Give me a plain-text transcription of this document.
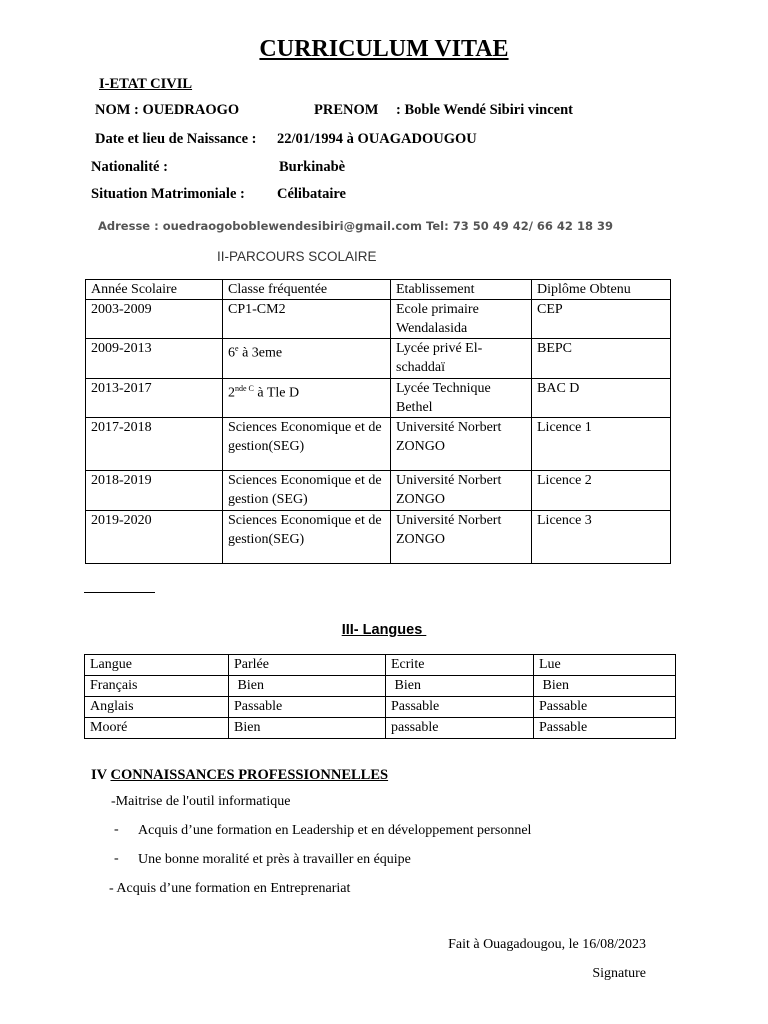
CURRICULUM VITAE
I-ETAT CIVIL
NOM : OUEDRAOGO	PRENOM : Boble Wendé Sibiri vincent
Date et lieu de Naissance : 22/01/1994 à OUAGADOUGOU
Nationalité :	Burkinabè
Situation Matrimoniale : Célibataire
Adresse : ouedraogoboblewendesibiri@gmail.com Tel: 73 50 49 42/ 66 42 18 39
II-PARCOURS SCOLAIRE
Année Scolaire	Classe fréquentée	Etablissement	Diplôme Obtenu
2003-2009	CP1-CM2	Ecole primaire Wendalasida	CEP
2009-2013	6e à 3eme	Lycée privé El-schaddaï	BEPC
2013-2017	$2^{nde C}$ à Tle D	Lycée Technique Bethel	BAC D
2017-2018	Sciences Economique et de gestion(SEG)	Université Norbert ZONGO	Licence 1
2018-2019	Sciences Economique et de gestion (SEG)	Université Norbert ZONGO	Licence 2
2019-2020	Sciences Economique et de gestion(SEG)	Université Norbert ZONGO	Licence 3
III- Langues
Langue	Parlée	Ecrite	Lue
Français	Bien	Bien	Bien
Anglais	Passable	Passable	Passable
Mooré	Bien	passable	Passable
IV CONNAISSANCES PROFESSIONNELLES
-Maitrise de l'outil informatique
- Acquis d’une formation en Leadership et en développement personnel
- Une bonne moralité et près à travailler en équipe
- Acquis d’une formation en Entreprenariat
Fait à Ouagadougou, le 16/08/2023
Signature
